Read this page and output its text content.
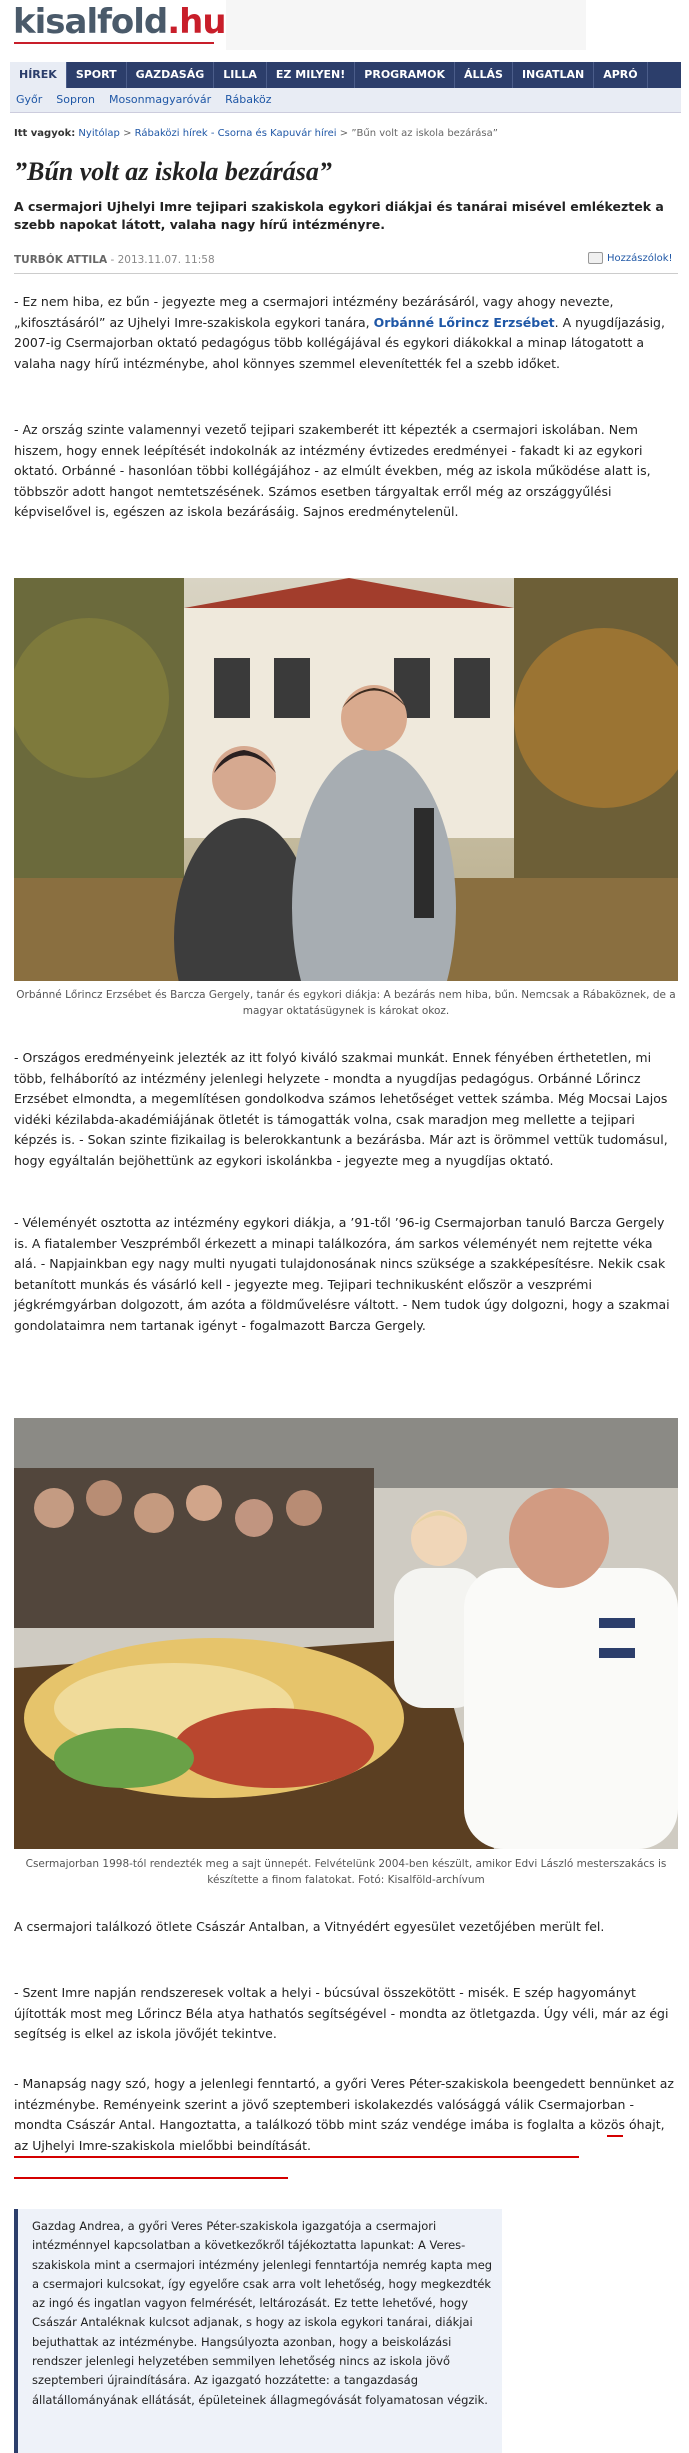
kisalfold .hu
HÍREK	SPORT	GAZDASÁG	LILLA	EZ MILYEN!	PROGRAMOK	ÁLLÁS	INGATLAN	APRÓ
Győr	Sopron	Mosonmagyaróvár	Rábaköz
Itt vagyok: Nyitólap > Rábaközi hírek - Csorna és Kapuvár hírei > ”Bűn volt az iskola bezárása”
”Bűn volt az iskola bezárása”
A csermajori Ujhelyi Imre tejipari szakiskola egykori diákjai és tanárai misével emlékeztek a szebb napokat látott, valaha nagy hírű intézményre.
TURBÓK ATTILA - 2013.11.07. 11:58	Hozzászólok!
- Ez nem hiba, ez bűn - jegyezte meg a csermajori intézmény bezárásáról, vagy ahogy nevezte, „kifosztásáról” az Ujhelyi Imre-szakiskola egykori tanára, Orbánné Lőrincz Erzsébet. A nyugdíjazásig, 2007-ig Csermajorban oktató pedagógus több kollégájával és egykori diákokkal a minap látogatott a valaha nagy hírű intézménybe, ahol könnyes szemmel elevenítették fel a szebb időket.
- Az ország szinte valamennyi vezető tejipari szakemberét itt képezték a csermajori iskolában. Nem hiszem, hogy ennek leépítését indokolnák az intézmény évtizedes eredményei - fakadt ki az egykori oktató. Orbánné - hasonlóan többi kollégájához - az elmúlt években, még az iskola működése alatt is, többször adott hangot nemtetszésének. Számos esetben tárgyaltak erről még az országgyűlési képviselővel is, egészen az iskola bezárásáig. Sajnos eredménytelenül.
Orbánné Lőrincz Erzsébet és Barcza Gergely, tanár és egykori diákja: A bezárás nem hiba, bűn. Nemcsak a Rábaköznek, de a magyar oktatásügynek is károkat okoz.
- Országos eredményeink jelezték az itt folyó kiváló szakmai munkát. Ennek fényében érthetetlen, mi több, felháborító az intézmény jelenlegi helyzete - mondta a nyugdíjas pedagógus. Orbánné Lőrincz Erzsébet elmondta, a megemlítésen gondolkodva számos lehetőséget vettek számba. Még Mocsai Lajos vidéki kézilabda-akadémiájának ötletét is támogatták volna, csak maradjon meg mellette a tejipari képzés is. - Sokan szinte fizikailag is belerokkantunk a bezárásba. Már azt is örömmel vettük tudomásul, hogy egyáltalán bejöhettünk az egykori iskolánkba - jegyezte meg a nyugdíjas oktató.
- Véleményét osztotta az intézmény egykori diákja, a ’91-től ’96-ig Csermajorban tanuló Barcza Gergely is. A fiatalember Veszprémből érkezett a minapi találkozóra, ám sarkos véleményét nem rejtette véka alá. - Napjainkban egy nagy multi nyugati tulajdonosának nincs szüksége a szakképesítésre. Nekik csak betanított munkás és vásárló kell - jegyezte meg. Tejipari technikusként először a veszprémi jégkrémgyárban dolgozott, ám azóta a földművelésre váltott. - Nem tudok úgy dolgozni, hogy a szakmai gondolataimra nem tartanak igényt - fogalmazott Barcza Gergely.
Csermajorban 1998-tól rendezték meg a sajt ünnepét. Felvételünk 2004-ben készült, amikor Edvi László mesterszakács is készítette a finom falatokat. Fotó: Kisalföld-archívum
A csermajori találkozó ötlete Császár Antalban, a Vitnyédért egyesület vezetőjében merült fel.
- Szent Imre napján rendszeresek voltak a helyi - búcsúval összekötött - misék. E szép hagyományt újították most meg Lőrincz Béla atya hathatós segítségével - mondta az ötletgazda. Úgy véli, már az égi segítség is elkel az iskola jövőjét tekintve.
- Manapság nagy szó, hogy a jelenlegi fenntartó, a győri Veres Péter-szakiskola beengedett bennünket az intézménybe. Reményeink szerint a jövő szeptemberi iskolakezdés valósággá válik Csermajorban - mondta Császár Antal. Hangoztatta, a találkozó több mint száz vendége imába is foglalta a közös óhajt, az Ujhelyi Imre-szakiskola mielőbbi beindítását.
Gazdag Andrea, a győri Veres Péter-szakiskola igazgatója a csermajori intézménnyel kapcsolatban a következőkről tájékoztatta lapunkat: A Veres-szakiskola mint a csermajori intézmény jelenlegi fenntartója nemrég kapta meg a csermajori kulcsokat, így egyelőre csak arra volt lehetőség, hogy megkezdték az ingó és ingatlan vagyon felmérését, leltározását. Ez tette lehetővé, hogy Császár Antaléknak kulcsot adjanak, s hogy az iskola egykori tanárai, diákjai bejuthattak az intézménybe. Hangsúlyozta azonban, hogy a beiskolázási rendszer jelenlegi helyzetében semmilyen lehetőség nincs az iskola jövő szeptemberi újraindítására. Az igazgató hozzátette: a tangazdaság állatállományának ellátását, épületeinek állagmegóvását folyamatosan végzik.
